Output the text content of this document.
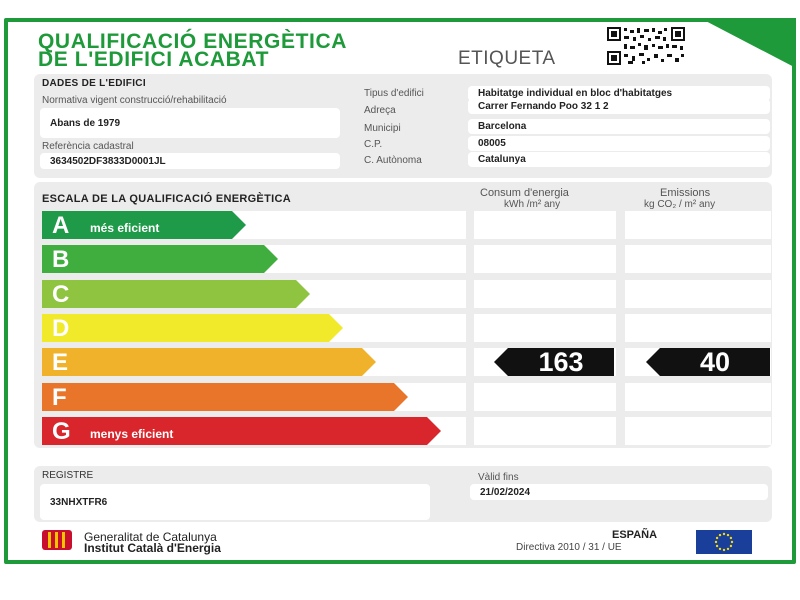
QUALIFICACIÓ ENERGÈTICA
DE L'EDIFICI ACABAT	ETIQUETA
DADES DE L'EDIFICI
Normativa vigent construcció/rehabilitació
Abans de 1979
Referència cadastral
3634502DF3833D0001JL
Tipus d'edifici	Habitatge individual en bloc d'habitatges
Adreça	Carrer Fernando Poo 32 1 2
Municipi	Barcelona
C.P.	08005
C. Autònoma	Catalunya
ESCALA DE LA QUALIFICACIÓ ENERGÈTICA	Consum d'energia
kWh /m² any
Emissions
kg CO₂ / m² any
A més eficient
B
C
D
E	163	40
F
G menys eficient
REGISTRE
33NHXTFR6
Vàlid fins
21/02/2024
Generalitat de Catalunya
Institut Català d'Energia
ESPAÑA
Directiva 2010 / 31 / UE
